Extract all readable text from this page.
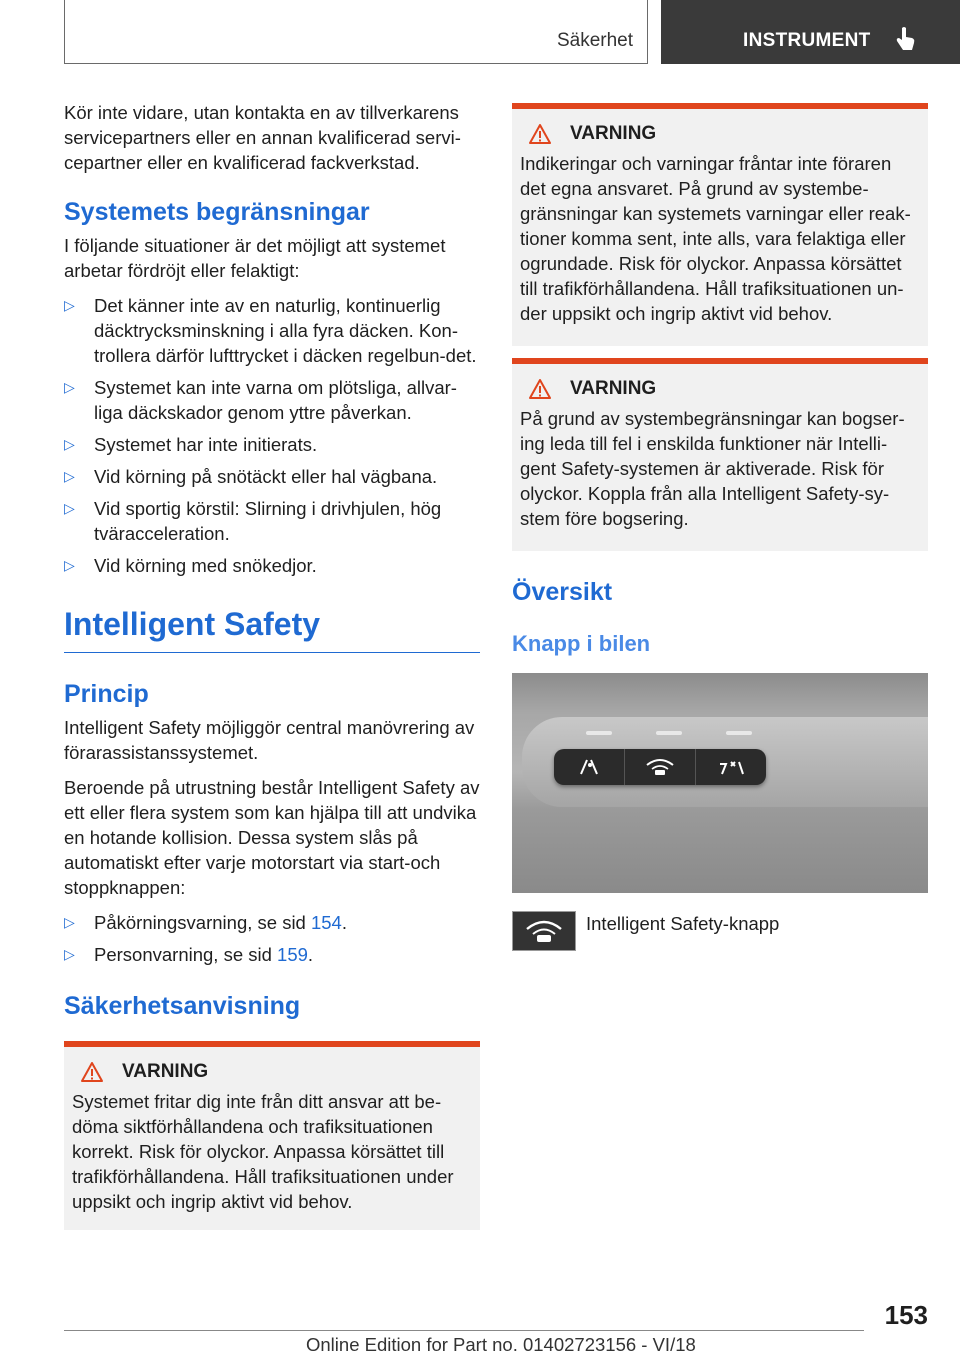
Säkerhet	INSTRUMENT

Kör inte vidare, utan kontakta en av tillverkarens servicepartners eller en annan kvalificerad servi-cepartner eller en kvalificerad fackverkstad.

Systemets begränsningar

I följande situationer är det möjligt att systemet arbetar fördröjt eller felaktigt:

▷ Det känner inte av en naturlig, kontinuerlig däcktrycksminskning i alla fyra däcken. Kon-trollera därför lufttrycket i däcken regelbun-det.
▷ Systemet kan inte varna om plötsliga, allvar-liga däckskador genom yttre påverkan.
▷ Systemet har inte initierats.
▷ Vid körning på snötäckt eller hal vägbana.
▷ Vid sportig körstil: Slirning i drivhjulen, hög tväracceleration.
▷ Vid körning med snökedjor.
Intelligent Safety
Princip

Intelligent Safety möjliggör central manövrering av förarassistanssystemet.

Beroende på utrustning består Intelligent Safety av ett eller flera system som kan hjälpa till att undvika en hotande kollision. Dessa system slås på automatiskt efter varje motorstart via start-och stoppknappen:

▷ Påkörningsvarning, se sid 154.
▷ Personvarning, se sid 159.
Säkerhetsanvisning
VARNING
Systemet fritar dig inte från ditt ansvar att be-döma siktförhållandena och trafiksituationen korrekt. Risk för olyckor. Anpassa körsättet till trafikförhållandena. Håll trafiksituationen under uppsikt och ingrip aktivt vid behov.
VARNING
Indikeringar och varningar fråntar inte föraren det egna ansvaret. På grund av systembe-gränsningar kan systemets varningar eller reak-tioner komma sent, inte alls, vara felaktiga eller ogrundade. Risk för olyckor. Anpassa körsättet till trafikförhållandena. Håll trafiksituationen un-der uppsikt och ingrip aktivt vid behov.
VARNING
På grund av systembegränsningar kan bogser-ing leda till fel i enskilda funktioner när Intelli-gent Safety-systemen är aktiverade. Risk för olyckor. Koppla från alla Intelligent Safety-sy-stem före bogsering.
Översikt
Knapp i bilen
Intelligent Safety-knapp
153
Online Edition for Part no. 01402723156 - VI/18
